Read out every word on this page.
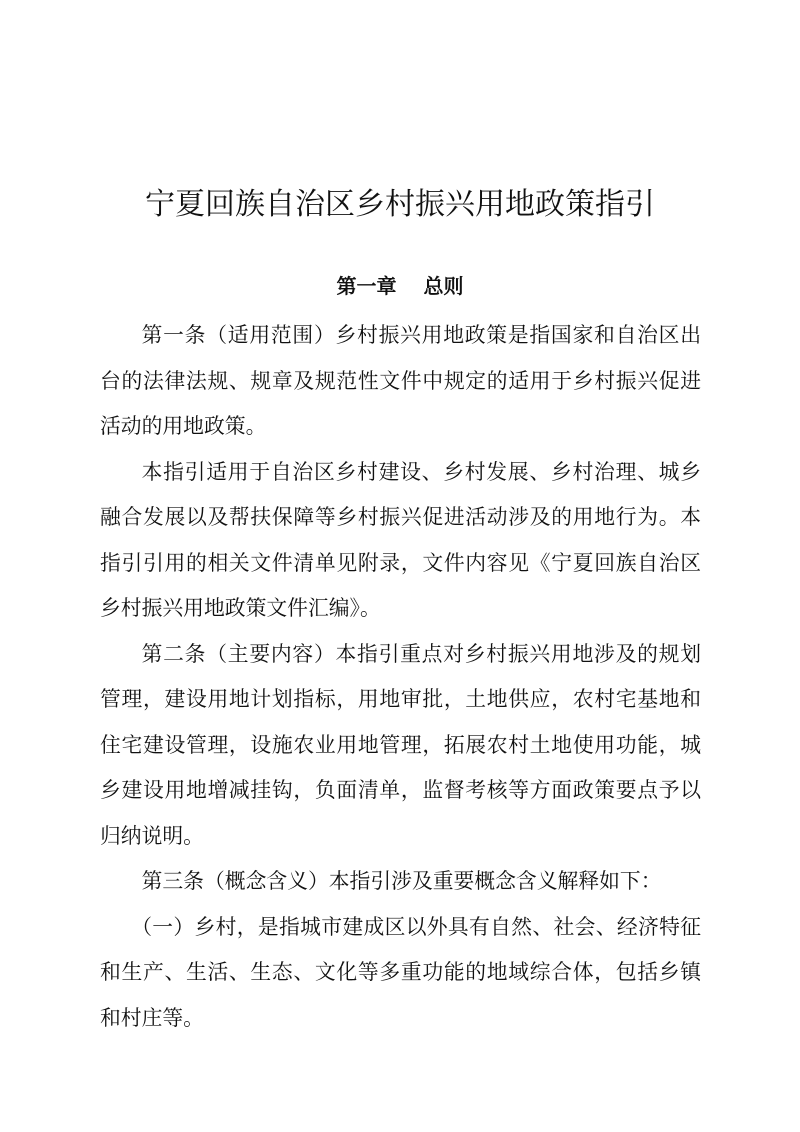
宁夏回族自治区乡村振兴用地政策指引
第一章　 总则

第一条（适用范围）乡村振兴用地政策是指国家和自治区出台的法律法规、规章及规范性文件中规定的适用于乡村振兴促进活动的用地政策。

本指引适用于自治区乡村建设、乡村发展、乡村治理、城乡融合发展以及帮扶保障等乡村振兴促进活动涉及的用地行为。本指引引用的相关文件清单见附录，文件内容见《宁夏回族自治区乡村振兴用地政策文件汇编》。

第二条（主要内容）本指引重点对乡村振兴用地涉及的规划管理，建设用地计划指标，用地审批，土地供应，农村宅基地和住宅建设管理，设施农业用地管理，拓展农村土地使用功能，城乡建设用地增减挂钩，负面清单，监督考核等方面政策要点予以归纳说明。

第三条（概念含义）本指引涉及重要概念含义解释如下：

（一）乡村，是指城市建成区以外具有自然、社会、经济特征和生产、生活、生态、文化等多重功能的地域综合体，包括乡镇和村庄等。
